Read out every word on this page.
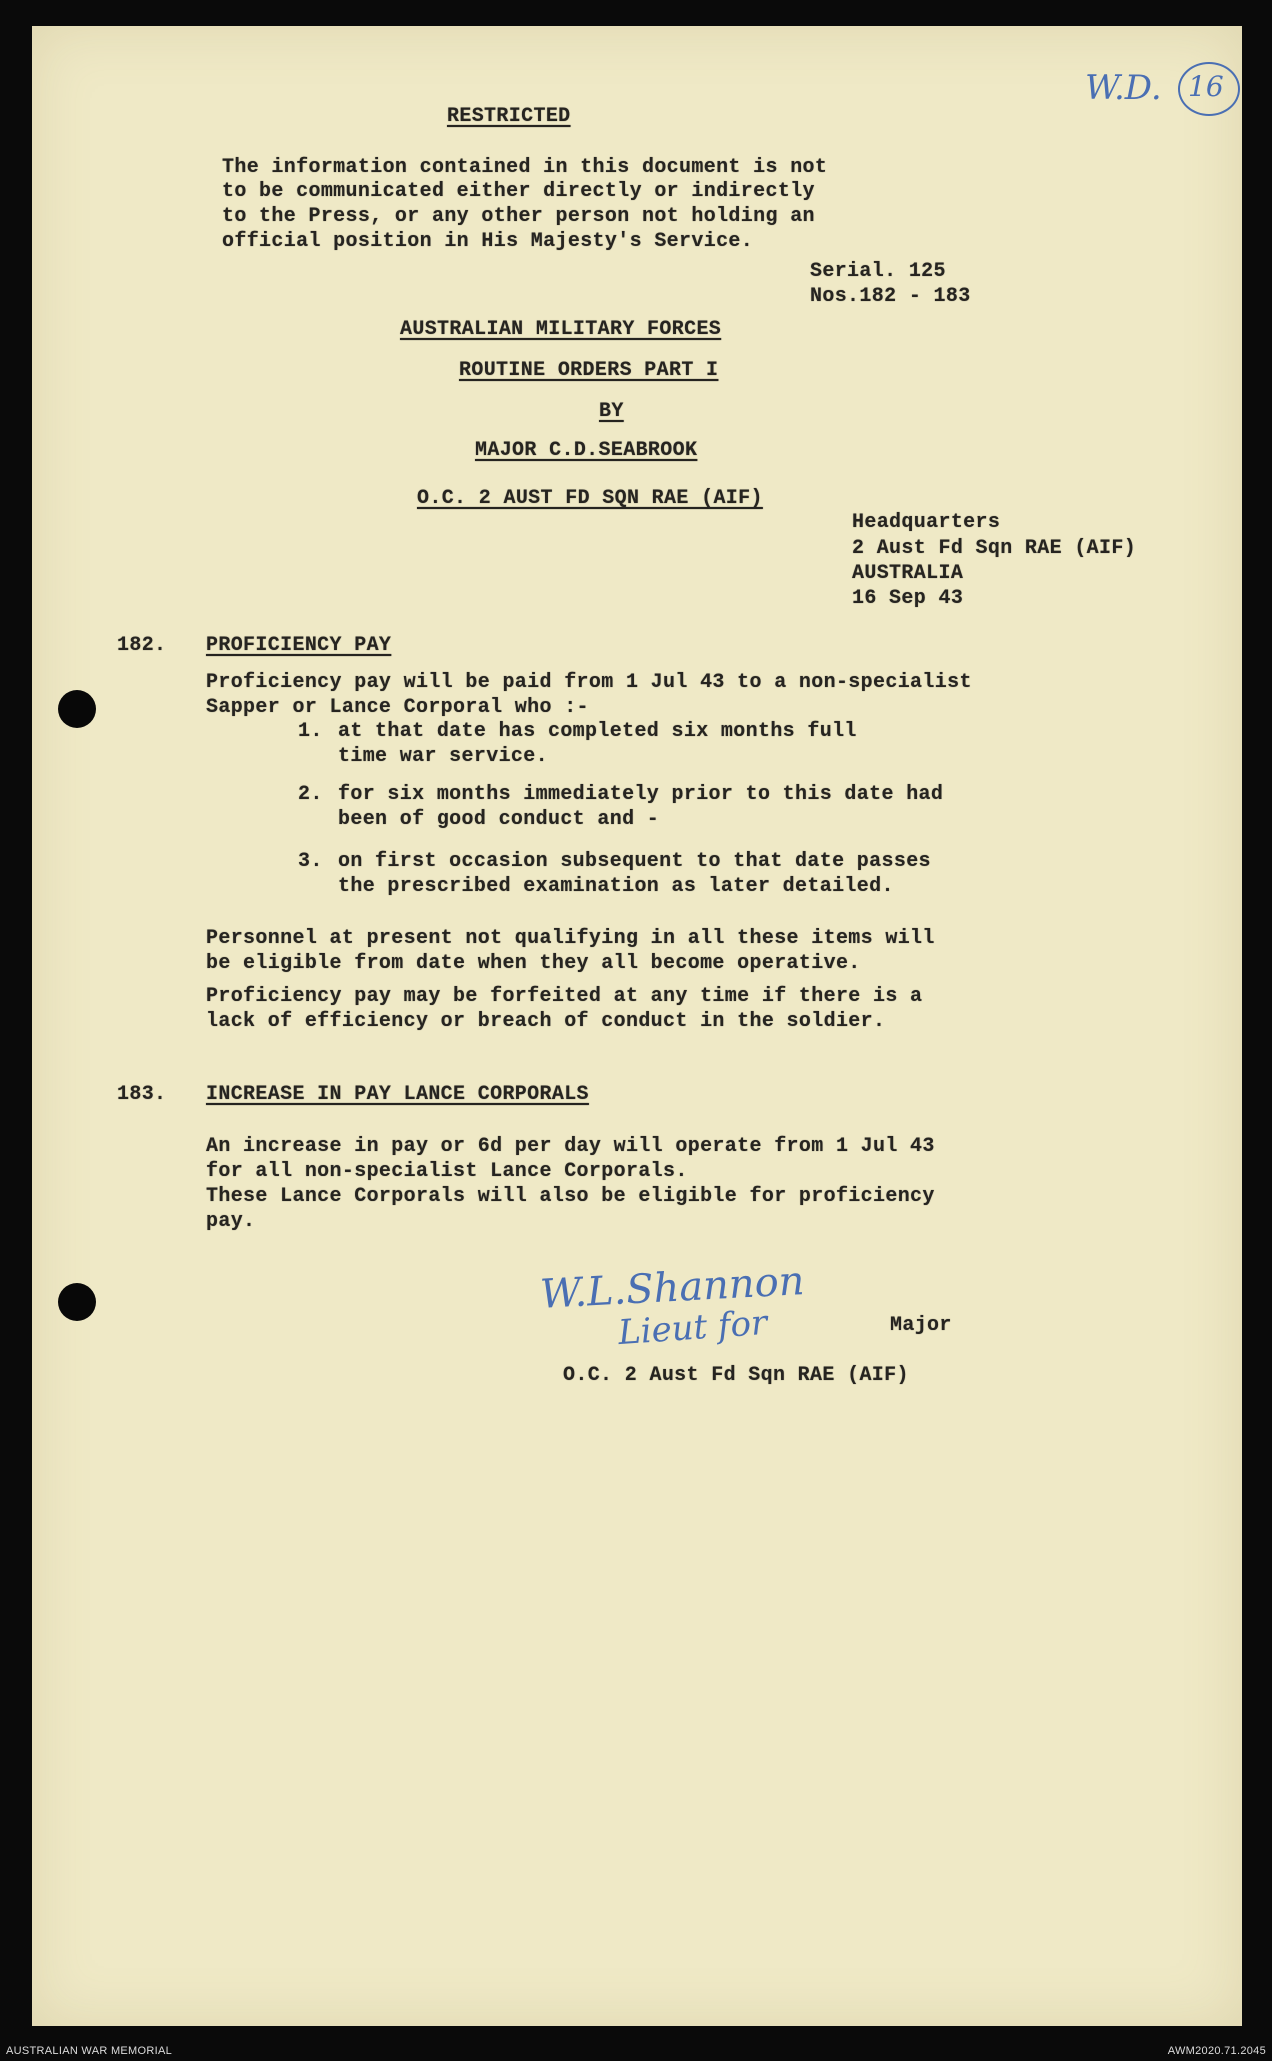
W.D. 16
RESTRICTED
The information contained in this document is not
to be communicated either directly or indirectly
to the Press, or any other person not holding an
official position in His Majesty's Service.
Serial. 125
Nos.182 - 183
AUSTRALIAN MILITARY FORCES
ROUTINE ORDERS PART I
BY
MAJOR C.D.SEABROOK
O.C. 2 AUST FD SQN RAE (AIF)
Headquarters
2 Aust Fd Sqn RAE (AIF)
AUSTRALIA
16 Sep 43
182. PROFICIENCY PAY
Proficiency pay will be paid from 1 Jul 43 to a non-specialist
Sapper or Lance Corporal who :-
1. at that date has completed six months full
time war service.
2. for six months immediately prior to this date had
been of good conduct and -
3. on first occasion subsequent to that date passes
the prescribed examination as later detailed.
Personnel at present not qualifying in all these items will
be eligible from date when they all become operative.
Proficiency pay may be forfeited at any time if there is a
lack of efficiency or breach of conduct in the soldier.
183. INCREASE IN PAY LANCE CORPORALS
An increase in pay or 6d per day will operate from 1 Jul 43
for all non-specialist Lance Corporals.
These Lance Corporals will also be eligible for proficiency
pay.
W.L.Shannon
Lieut for	Major
O.C. 2 Aust Fd Sqn RAE (AIF)
AUSTRALIAN WAR MEMORIAL	AWM2020.71.2045
